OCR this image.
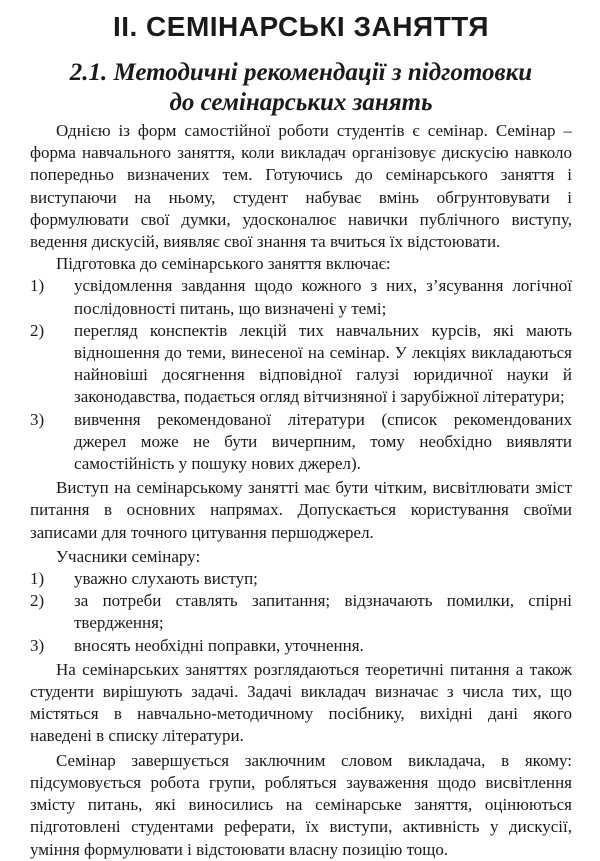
ІІ. СЕМІНАРСЬКІ ЗАНЯТТЯ
2.1. Методичні рекомендації з підготовки
до семінарських занять

Однією із форм самостійної роботи студентів є семінар. Семінар – форма навчального заняття, коли викладач організовує дискусію навколо попередньо визначених тем. Готуючись до семінарського заняття і виступаючи на ньому, студент набуває вмінь обгрунтовувати і формулювати свої думки, удосконалює навички публічного виступу, ведення дискусій, виявляє свої знання та вчиться їх відстоювати.

Підготовка до семінарського заняття включає:

1) усвідомлення завдання щодо кожного з них, з’ясування логічної послідовності питань, що визначені у темі;
2) перегляд конспектів лекцій тих навчальних курсів, які мають відношення до теми, винесеної на семінар. У лекціях викладаються найновіші досягнення відповідної галузі юридичної науки й законодавства, подається огляд вітчизняної і зарубіжної літератури;
3) вивчення рекомендованої літератури (список рекомендованих джерел може не бути вичерпним, тому необхідно виявляти самостійність у пошуку нових джерел).

Виступ на семінарському занятті має бути чітким, висвітлювати зміст питання в основних напрямах. Допускається користування своїми записами для точного цитування першоджерел.

Учасники семінару:

1) уважно слухають виступ;
2) за потреби ставлять запитання; відзначають помилки, спірні твердження;
3) вносять необхідні поправки, уточнення.

На семінарських заняттях розглядаються теоретичні питання а також студенти вирішують задачі. Задачі викладач визначає з числа тих, що містяться в навчально-методичному посібнику, вихідні дані якого наведені в списку літератури.

Семінар завершується заключним словом викладача, в якому: підсумовується робота групи, робляться зауваження щодо висвітлення змісту питань, які виносились на семінарське заняття, оцінюються підготовлені студентами реферати, їх виступи, активність у дискусії, уміння формулювати і відстоювати власну позицію тощо.
